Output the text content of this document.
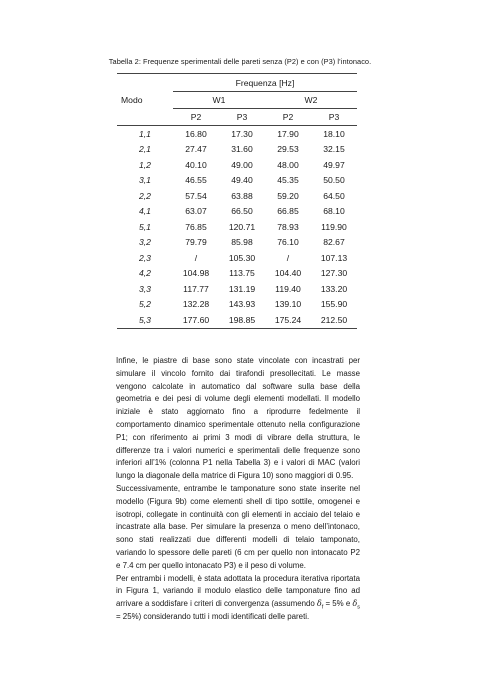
Tabella 2: Frequenze sperimentali delle pareti senza (P2) e con (P3) l’intonaco.
Modo	Frequenza [Hz]			
	W1		W2	
	P2	P3	P2	P3
1,1	16.80	17.30	17.90	18.10
2,1	27.47	31.60	29.53	32.15
1,2	40.10	49.00	48.00	49.97
3,1	46.55	49.40	45.35	50.50
2,2	57.54	63.88	59.20	64.50
4,1	63.07	66.50	66.85	68.10
5,1	76.85	120.71	78.93	119.90
3,2	79.79	85.98	76.10	82.67
2,3	/	105.30	/	107.13
4,2	104.98	113.75	104.40	127.30
3,3	117.77	131.19	119.40	133.20
5,2	132.28	143.93	139.10	155.90
5,3	177.60	198.85	175.24	212.50

Infine, le piastre di base sono state vincolate con incastrati per simulare il vincolo fornito dai tirafondi presollecitati. Le masse vengono calcolate in automatico dal software sulla base della geometria e dei pesi di volume degli elementi modellati. Il modello iniziale è stato aggiornato fino a riprodurre fedelmente il comportamento dinamico sperimentale ottenuto nella configurazione P1; con riferimento ai primi 3 modi di vibrare della struttura, le differenze tra i valori numerici e sperimentali delle frequenze sono inferiori all’1% (colonna P1 nella Tabella 3) e i valori di MAC (valori lungo la diagonale della matrice di Figura 10) sono maggiori di 0.95.

Successivamente, entrambe le tamponature sono state inserite nel modello (Figura 9b) come elementi shell di tipo sottile, omogenei e isotropi, collegate in continuità con gli elementi in acciaio del telaio e incastrate alla base. Per simulare la presenza o meno dell’intonaco, sono stati realizzati due differenti modelli di telaio tamponato, variando lo spessore delle pareti (6 cm per quello non intonacato P2 e 7.4 cm per quello intonacato P3) e il peso di volume.

Per entrambi i modelli, è stata adottata la procedura iterativa riportata in Figura 1, variando il modulo elastico delle tamponature fino ad arrivare a soddisfare i criteri di convergenza (assumendo $\delta_f = 5\%$ e $\delta_s = 25\%$) considerando tutti i modi identificati delle pareti.
